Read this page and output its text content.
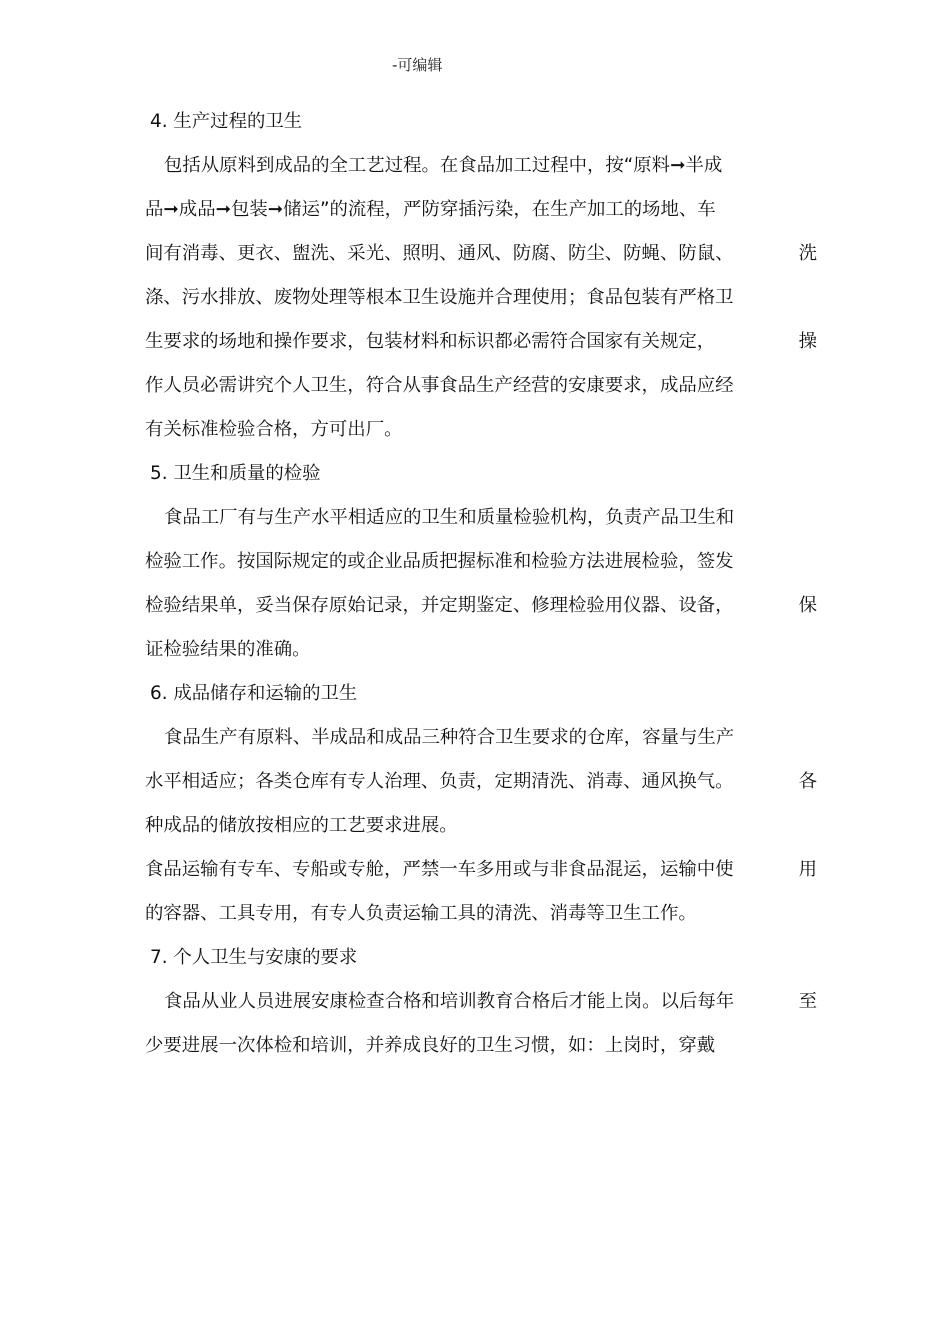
-可编辑
4. 生产过程的卫生
包括从原料到成品的全工艺过程。在食品加工过程中，按“原料➞半成
品➞成品➞包装➞储运”的流程，严防穿插污染，在生产加工的场地、车
间有消毒、更衣、盥洗、采光、照明、通风、防腐、防尘、防蝇、防鼠、	洗
涤、污水排放、废物处理等根本卫生设施并合理使用；食品包装有严格卫
生要求的场地和操作要求，包装材料和标识都必需符合国家有关规定，	操
作人员必需讲究个人卫生，符合从事食品生产经营的安康要求，成品应经
有关标准检验合格，方可出厂。
5. 卫生和质量的检验
食品工厂有与生产水平相适应的卫生和质量检验机构，负责产品卫生和
检验工作。按国际规定的或企业品质把握标准和检验方法进展检验，签发
检验结果单，妥当保存原始记录，并定期鉴定、修理检验用仪器、设备，	保
证检验结果的准确。
6. 成品储存和运输的卫生
食品生产有原料、半成品和成品三种符合卫生要求的仓库，容量与生产
水平相适应；各类仓库有专人治理、负责，定期清洗、消毒、通风换气。	各
种成品的储放按相应的工艺要求进展。
食品运输有专车、专船或专舱，严禁一车多用或与非食品混运，运输中使	用
的容器、工具专用，有专人负责运输工具的清洗、消毒等卫生工作。
7. 个人卫生与安康的要求
食品从业人员进展安康检查合格和培训教育合格后才能上岗。以后每年	至
少要进展一次体检和培训，并养成良好的卫生习惯，如：上岗时，穿戴
